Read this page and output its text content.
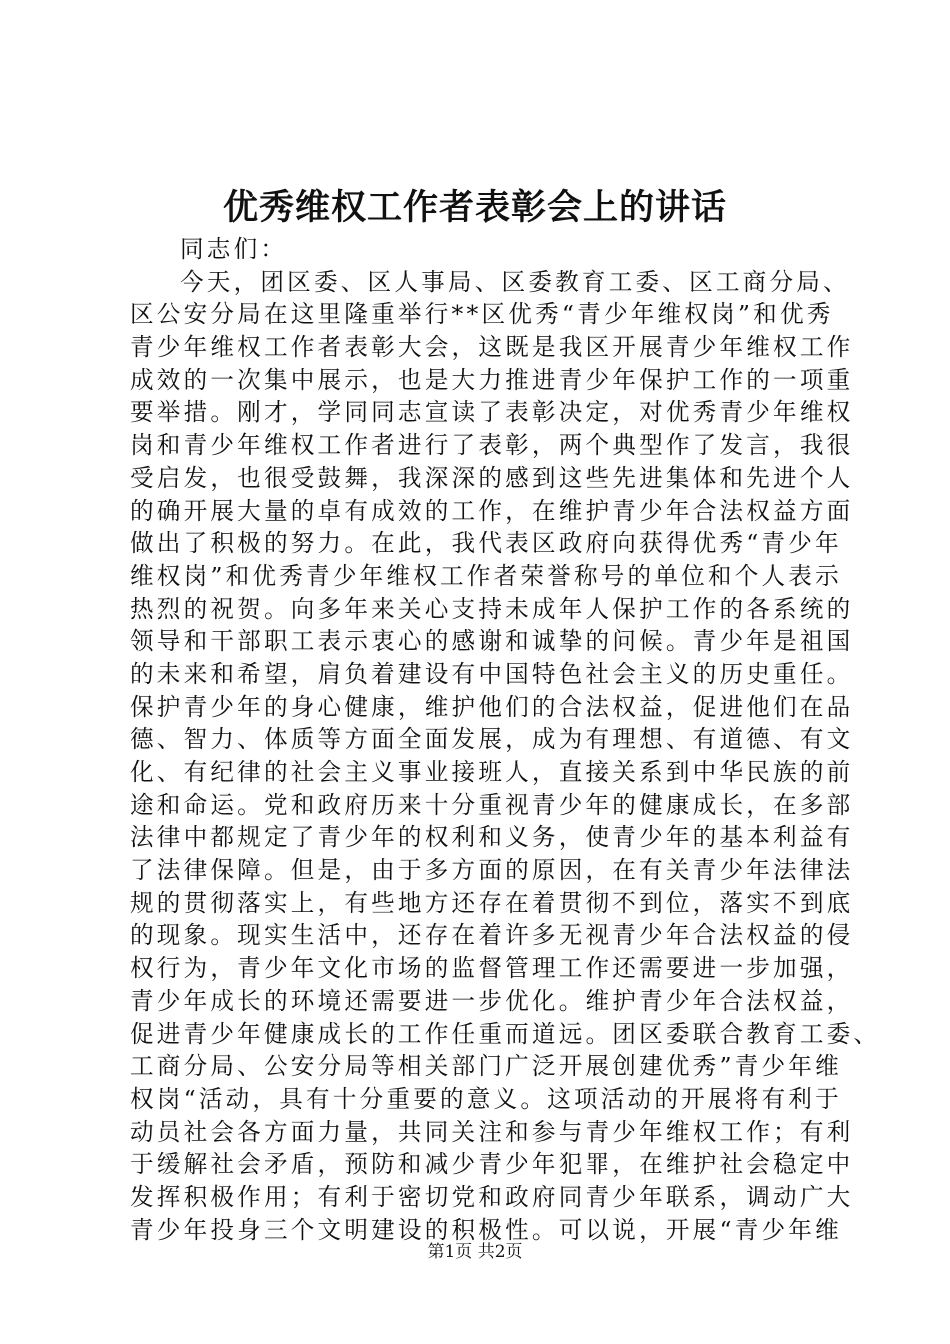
优秀维权工作者表彰会上的讲话
同志们：
今天，团区委、区人事局、区委教育工委、区工商分局、
区公安分局在这里隆重举行**区优秀“青少年维权岗”和优秀
青少年维权工作者表彰大会，这既是我区开展青少年维权工作
成效的一次集中展示，也是大力推进青少年保护工作的一项重
要举措。刚才，学同同志宣读了表彰决定，对优秀青少年维权
岗和青少年维权工作者进行了表彰，两个典型作了发言，我很
受启发，也很受鼓舞，我深深的感到这些先进集体和先进个人
的确开展大量的卓有成效的工作，在维护青少年合法权益方面
做出了积极的努力。在此，我代表区政府向获得优秀“青少年
维权岗”和优秀青少年维权工作者荣誉称号的单位和个人表示
热烈的祝贺。向多年来关心支持未成年人保护工作的各系统的
领导和干部职工表示衷心的感谢和诚挚的问候。青少年是祖国
的未来和希望，肩负着建设有中国特色社会主义的历史重任。
保护青少年的身心健康，维护他们的合法权益，促进他们在品
德、智力、体质等方面全面发展，成为有理想、有道德、有文
化、有纪律的社会主义事业接班人，直接关系到中华民族的前
途和命运。党和政府历来十分重视青少年的健康成长，在多部
法律中都规定了青少年的权利和义务，使青少年的基本利益有
了法律保障。但是，由于多方面的原因，在有关青少年法律法
规的贯彻落实上，有些地方还存在着贯彻不到位，落实不到底
的现象。现实生活中，还存在着许多无视青少年合法权益的侵
权行为，青少年文化市场的监督管理工作还需要进一步加强，
青少年成长的环境还需要进一步优化。维护青少年合法权益，
促进青少年健康成长的工作任重而道远。团区委联合教育工委、
工商分局、公安分局等相关部门广泛开展创建优秀”青少年维
权岗“活动，具有十分重要的意义。这项活动的开展将有利于
动员社会各方面力量，共同关注和参与青少年维权工作；有利
于缓解社会矛盾，预防和减少青少年犯罪，在维护社会稳定中
发挥积极作用；有利于密切党和政府同青少年联系，调动广大
青少年投身三个文明建设的积极性。可以说，开展“青少年维
第1页 共2页
